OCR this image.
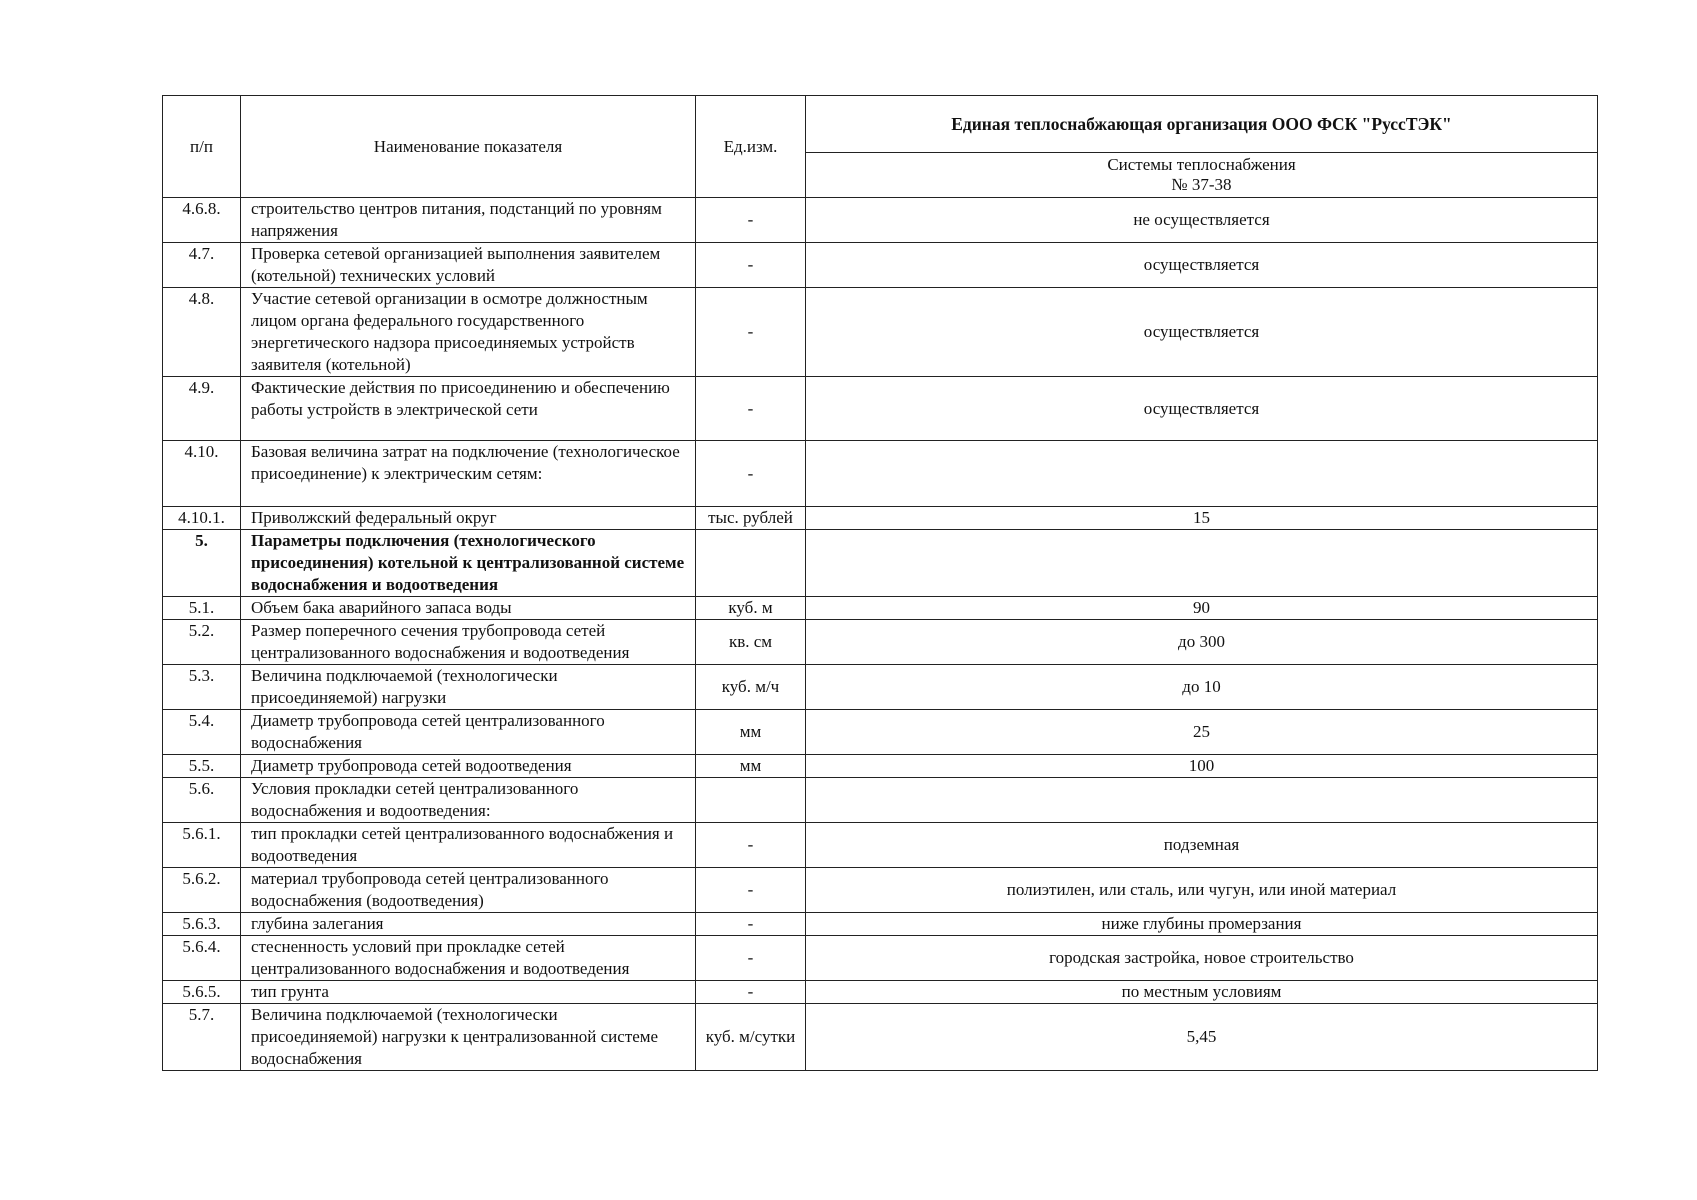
п/п	Наименование показателя	Ед.изм.	Единая теплоснабжающая организация ООО ФСК "РуссТЭК"
			Системы теплоснабжения
№ 37-38
4.6.8.	строительство центров питания, подстанций по уровням напряжения	-	не осуществляется
4.7.	Проверка сетевой организацией выполнения заявителем (котельной) технических условий	-	осуществляется
4.8.	Участие сетевой организации в осмотре должностным лицом органа федерального государственного энергетического надзора присоединяемых устройств заявителя (котельной)	-	осуществляется
4.9.	Фактические действия по присоединению и обеспечению работы устройств в электрической сети	-	осуществляется
4.10.	Базовая величина затрат на подключение (технологическое присоединение) к электрическим сетям:	-	
4.10.1.	Приволжский федеральный округ	тыс. рублей	15
5.	Параметры подключения (технологического присоединения) котельной к централизованной системе водоснабжения и водоотведения		
5.1.	Объем бака аварийного запаса воды	куб. м	90
5.2.	Размер поперечного сечения трубопровода сетей централизованного водоснабжения и водоотведения	кв. см	до 300
5.3.	Величина подключаемой (технологически присоединяемой) нагрузки	куб. м/ч	до 10
5.4.	Диаметр трубопровода сетей централизованного водоснабжения	мм	25
5.5.	Диаметр трубопровода сетей водоотведения	мм	100
5.6.	Условия прокладки сетей централизованного водоснабжения и водоотведения:		
5.6.1.	тип прокладки сетей централизованного водоснабжения и водоотведения	-	подземная
5.6.2.	материал трубопровода сетей централизованного водоснабжения (водоотведения)	-	полиэтилен, или сталь, или чугун, или иной материал
5.6.3.	глубина залегания	-	ниже глубины промерзания
5.6.4.	стесненность условий при прокладке сетей централизованного водоснабжения и водоотведения	-	городская застройка, новое строительство
5.6.5.	тип грунта	-	по местным условиям
5.7.	Величина подключаемой (технологически присоединяемой) нагрузки к централизованной системе водоснабжения	куб. м/сутки	5,45
